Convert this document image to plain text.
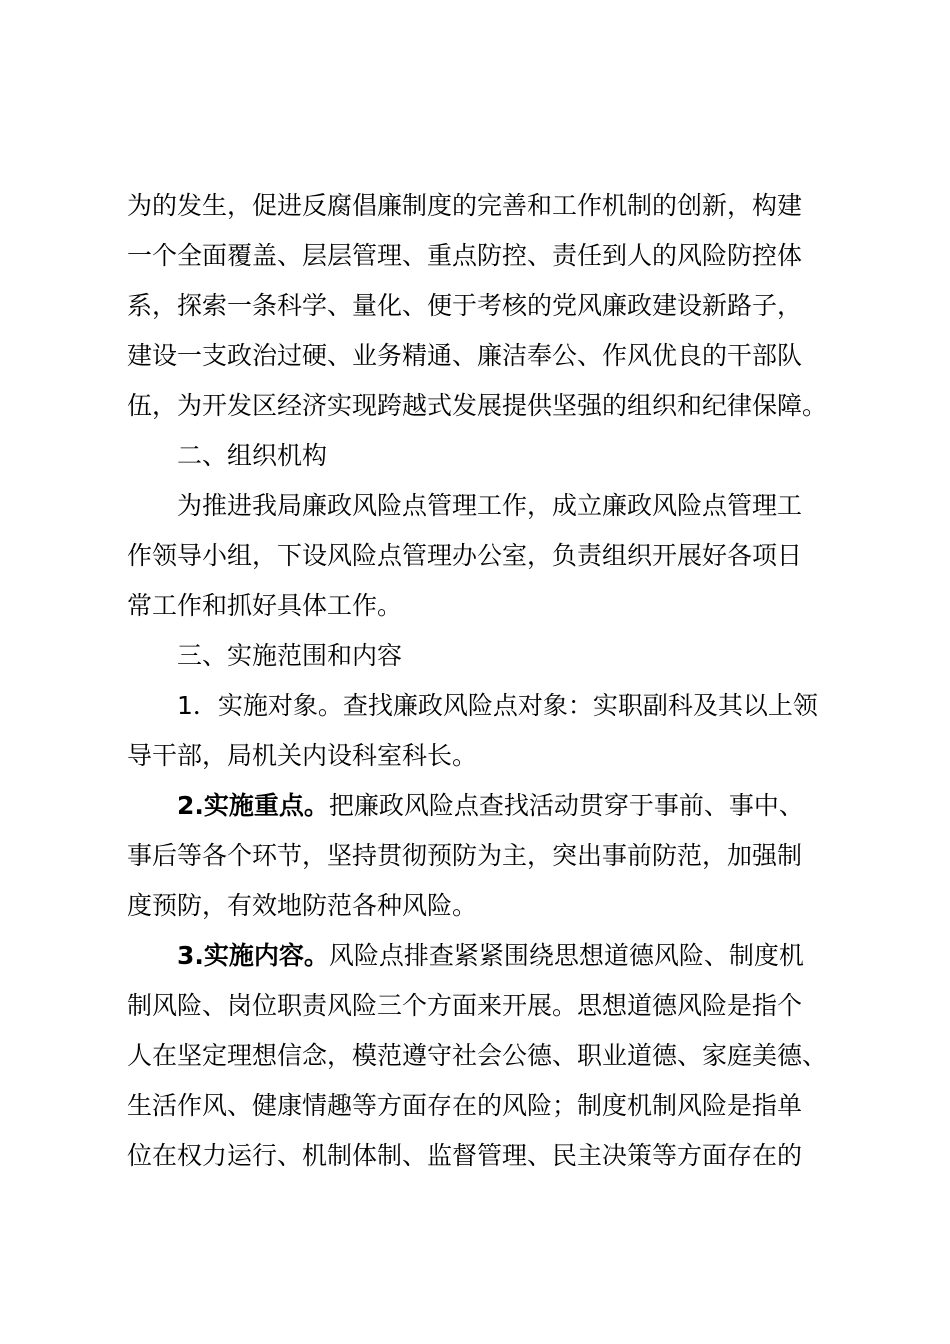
为的发生，促进反腐倡廉制度的完善和工作机制的创新，构建
一个全面覆盖、层层管理、重点防控、责任到人的风险防控体
系，探索一条科学、量化、便于考核的党风廉政建设新路子，
建设一支政治过硬、业务精通、廉洁奉公、作风优良的干部队
伍，为开发区经济实现跨越式发展提供坚强的组织和纪律保障。
二、组织机构
为推进我局廉政风险点管理工作，成立廉政风险点管理工
作领导小组，下设风险点管理办公室，负责组织开展好各项日
常工作和抓好具体工作。
三、实施范围和内容
1．实施对象。查找廉政风险点对象：实职副科及其以上领
导干部，局机关内设科室科长。
2.实施重点。把廉政风险点查找活动贯穿于事前、事中、
事后等各个环节，坚持贯彻预防为主，突出事前防范，加强制
度预防，有效地防范各种风险。
3.实施内容。风险点排查紧紧围绕思想道德风险、制度机
制风险、岗位职责风险三个方面来开展。思想道德风险是指个
人在坚定理想信念，模范遵守社会公德、职业道德、家庭美德、
生活作风、健康情趣等方面存在的风险；制度机制风险是指单
位在权力运行、机制体制、监督管理、民主决策等方面存在的
